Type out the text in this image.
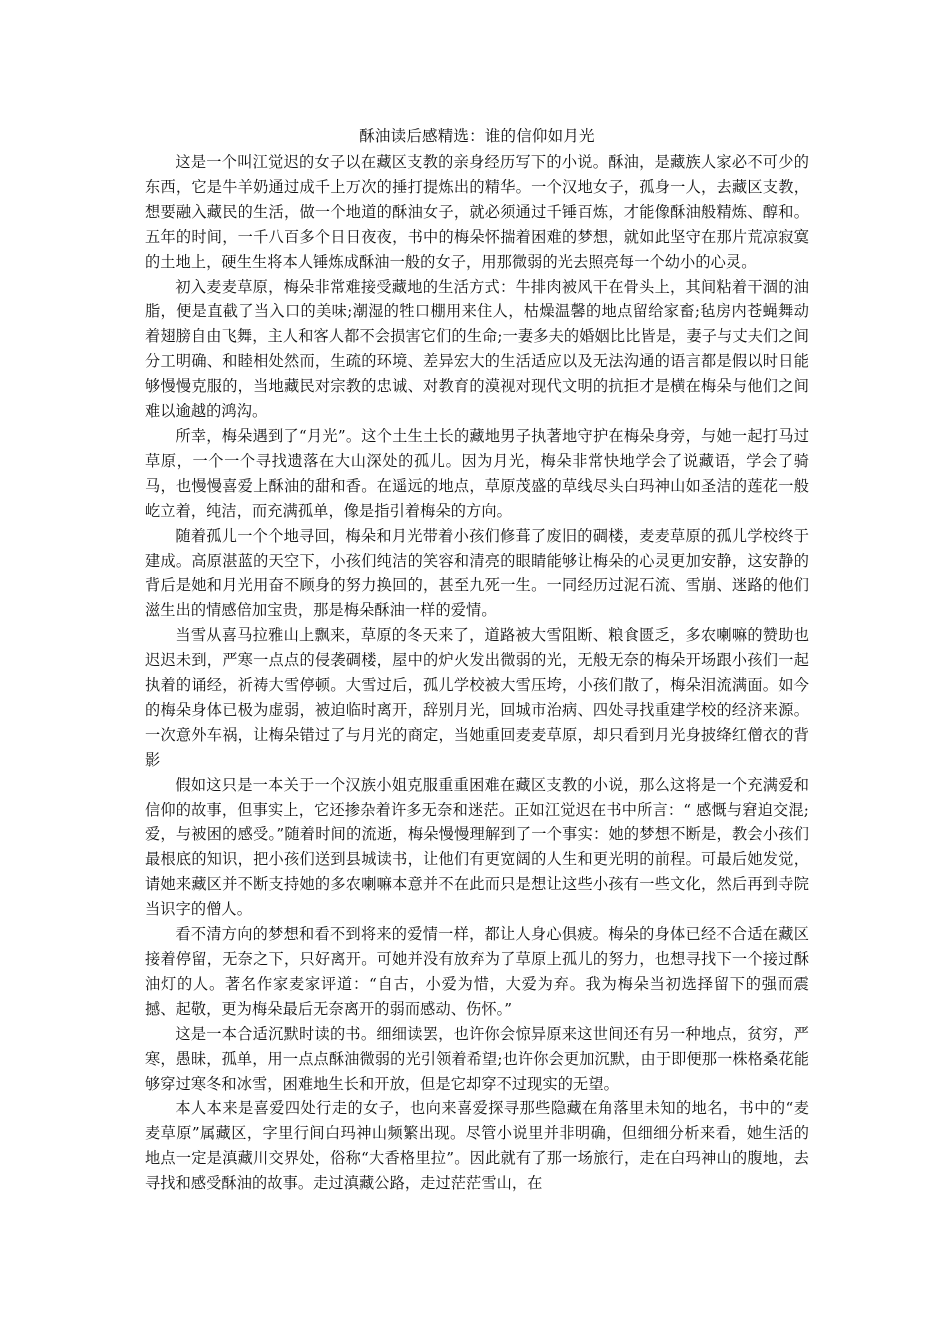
酥油读后感精选：谁的信仰如月光

这是一个叫江觉迟的女子以在藏区支教的亲身经历写下的小说。酥油，是藏族人家必不可少的东西，它是牛羊奶通过成千上万次的捶打提炼出的精华。一个汉地女子，孤身一人，去藏区支教，想要融入藏民的生活，做一个地道的酥油女子，就必须通过千锤百炼，才能像酥油般精炼、醇和。五年的时间，一千八百多个日日夜夜，书中的梅朵怀揣着困难的梦想，就如此坚守在那片荒凉寂寞的土地上，硬生生将本人锤炼成酥油一般的女子，用那微弱的光去照亮每一个幼小的心灵。

初入麦麦草原，梅朵非常难接受藏地的生活方式：牛排肉被风干在骨头上，其间粘着干涸的油脂，便是直截了当入口的美味;潮湿的牲口棚用来住人，枯燥温馨的地点留给家畜;毡房内苍蝇舞动着翅膀自由飞舞，主人和客人都不会损害它们的生命;一妻多夫的婚姻比比皆是，妻子与丈夫们之间分工明确、和睦相处然而，生疏的环境、差异宏大的生活适应以及无法沟通的语言都是假以时日能够慢慢克服的，当地藏民对宗教的忠诚、对教育的漠视对现代文明的抗拒才是横在梅朵与他们之间难以逾越的鸿沟。

所幸，梅朵遇到了“月光”。这个土生土长的藏地男子执著地守护在梅朵身旁，与她一起打马过草原，一个一个寻找遗落在大山深处的孤儿。因为月光，梅朵非常快地学会了说藏语，学会了骑马，也慢慢喜爱上酥油的甜和香。在遥远的地点，草原茂盛的草线尽头白玛神山如圣洁的莲花一般屹立着，纯洁，而充满孤单，像是指引着梅朵的方向。

随着孤儿一个个地寻回，梅朵和月光带着小孩们修葺了废旧的碉楼，麦麦草原的孤儿学校终于建成。高原湛蓝的天空下，小孩们纯洁的笑容和清亮的眼睛能够让梅朵的心灵更加安静，这安静的背后是她和月光用奋不顾身的努力换回的，甚至九死一生。一同经历过泥石流、雪崩、迷路的他们滋生出的情感倍加宝贵，那是梅朵酥油一样的爱情。

当雪从喜马拉雅山上飘来，草原的冬天来了，道路被大雪阻断、粮食匮乏，多农喇嘛的赞助也迟迟未到，严寒一点点的侵袭碉楼，屋中的炉火发出微弱的光，无般无奈的梅朵开场跟小孩们一起执着的诵经，祈祷大雪停顿。大雪过后，孤儿学校被大雪压垮，小孩们散了，梅朵泪流满面。如今的梅朵身体已极为虚弱，被迫临时离开，辞别月光，回城市治病、四处寻找重建学校的经济来源。一次意外车祸，让梅朵错过了与月光的商定，当她重回麦麦草原，却只看到月光身披绛红僧衣的背影

假如这只是一本关于一个汉族小姐克服重重困难在藏区支教的小说，那么这将是一个充满爱和信仰的故事，但事实上，它还掺杂着许多无奈和迷茫。正如江觉迟在书中所言：“ 感慨与窘迫交混;爱，与被困的感受。”随着时间的流逝，梅朵慢慢理解到了一个事实：她的梦想不断是，教会小孩们最根底的知识，把小孩们送到县城读书，让他们有更宽阔的人生和更光明的前程。可最后她发觉，请她来藏区并不断支持她的多农喇嘛本意并不在此而只是想让这些小孩有一些文化，然后再到寺院当识字的僧人。

看不清方向的梦想和看不到将来的爱情一样，都让人身心俱疲。梅朵的身体已经不合适在藏区接着停留，无奈之下，只好离开。可她并没有放弃为了草原上孤儿的努力，也想寻找下一个接过酥油灯的人。著名作家麦家评道：“自古，小爱为惜，大爱为弃。我为梅朵当初选择留下的强而震撼、起敬，更为梅朵最后无奈离开的弱而感动、伤怀。”

这是一本合适沉默时读的书。细细读罢，也许你会惊异原来这世间还有另一种地点，贫穷，严寒，愚昧，孤单，用一点点酥油微弱的光引领着希望;也许你会更加沉默，由于即便那一株格桑花能够穿过寒冬和冰雪，困难地生长和开放，但是它却穿不过现实的无望。

本人本来是喜爱四处行走的女子，也向来喜爱探寻那些隐藏在角落里未知的地名，书中的“麦麦草原”属藏区，字里行间白玛神山频繁出现。尽管小说里并非明确，但细细分析来看，她生活的地点一定是滇藏川交界处，俗称“大香格里拉”。因此就有了那一场旅行，走在白玛神山的腹地，去寻找和感受酥油的故事。走过滇藏公路，走过茫茫雪山，在
